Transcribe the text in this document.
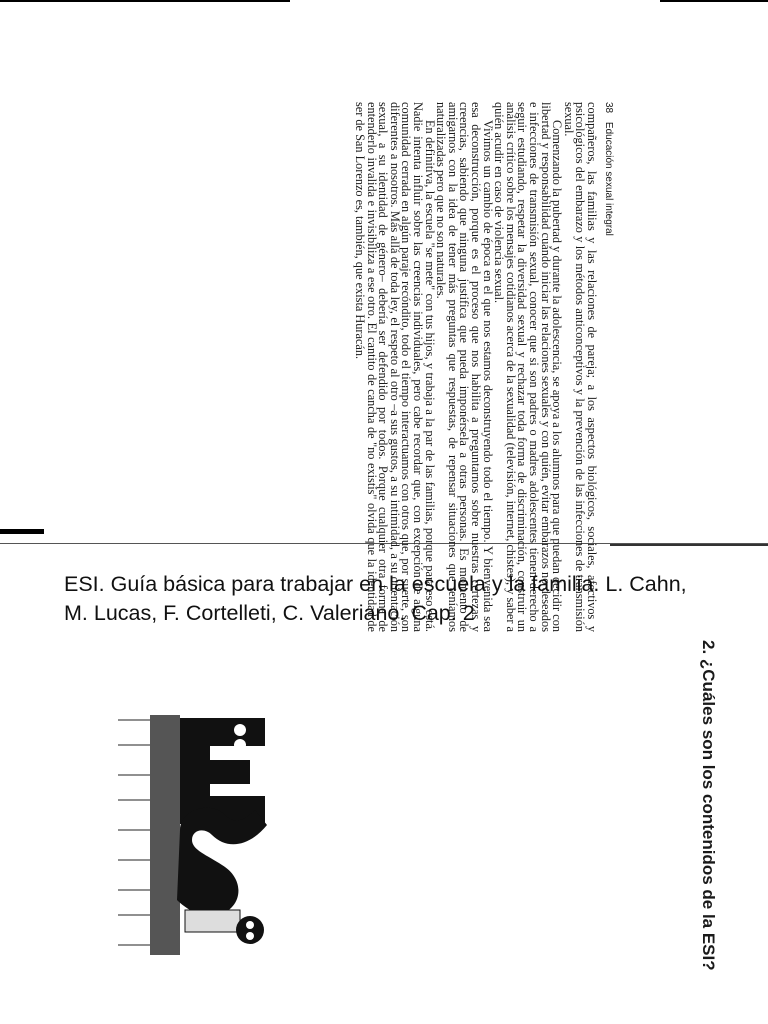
38 Educación sexual integral

compañeros, las familias y las relaciones de pareja; a los aspectos biológicos, sociales, afectivos y psicológicos del embarazo y los métodos anticonceptivos y la prevención de las infecciones de transmisión sexual.

Comenzando la pubertad y durante la adolescencia, se apoya a los alumnos para que puedan decidir con libertad y responsabilidad cuándo iniciar las relaciones sexuales y con quién, evitar embarazos no deseados e infecciones de transmisión sexual, conocer que si son padres o madres adolescentes tienen derecho a seguir estudiando, respetar la diversidad sexual y rechazar toda forma de discriminación, construir un análisis crítico sobre los mensajes cotidianos acerca de la sexualidad (televisión, internet, chistes), y saber a quién acudir en caso de violencia sexual.

Vivimos un cambio de época en el que nos estamos deconstruyendo todo el tiempo. Y bienvenida sea esa deconstrucción, porque es el proceso que nos habilita a preguntarnos sobre nuestras certezas y creencias, sabiendo que ninguna justifica que pueda imponérsela a otras personas. Es momento de amigarnos con la idea de tener más preguntas que respuestas, de repensar situaciones que teníamos naturalizadas pero que no son naturales.

En definitiva, la escuela "se mete" con tus hijos, y trabaja a la par de las familias, porque para eso está. Nadie intenta influir sobre las creencias individuales, pero cabe recordar que, con excepción de alguna comunidad cerrada en algún paraje recóndito, todo el tiempo interactuamos con otros que, por suerte, son diferentes a nosotros. Más allá de toda ley, el respeto al otro –a sus gustos, a su intimidad, a su orientación sexual, a su identidad de género– debería ser defendido por todos. Porque cualquier otra forma de entenderlo invalida e invisibiliza a ese otro. El cantito de cancha de "no existís" olvida que la identidad de ser de San Lorenzo es, también, que exista Huracán.

ESI. Guía básica para trabajar en la escuela y la familia. L. Cahn, M. Lucas, F. Cortelleti, C. Valeriano. Cap. 2
2. ¿Cuáles son los contenidos de la ESI?
